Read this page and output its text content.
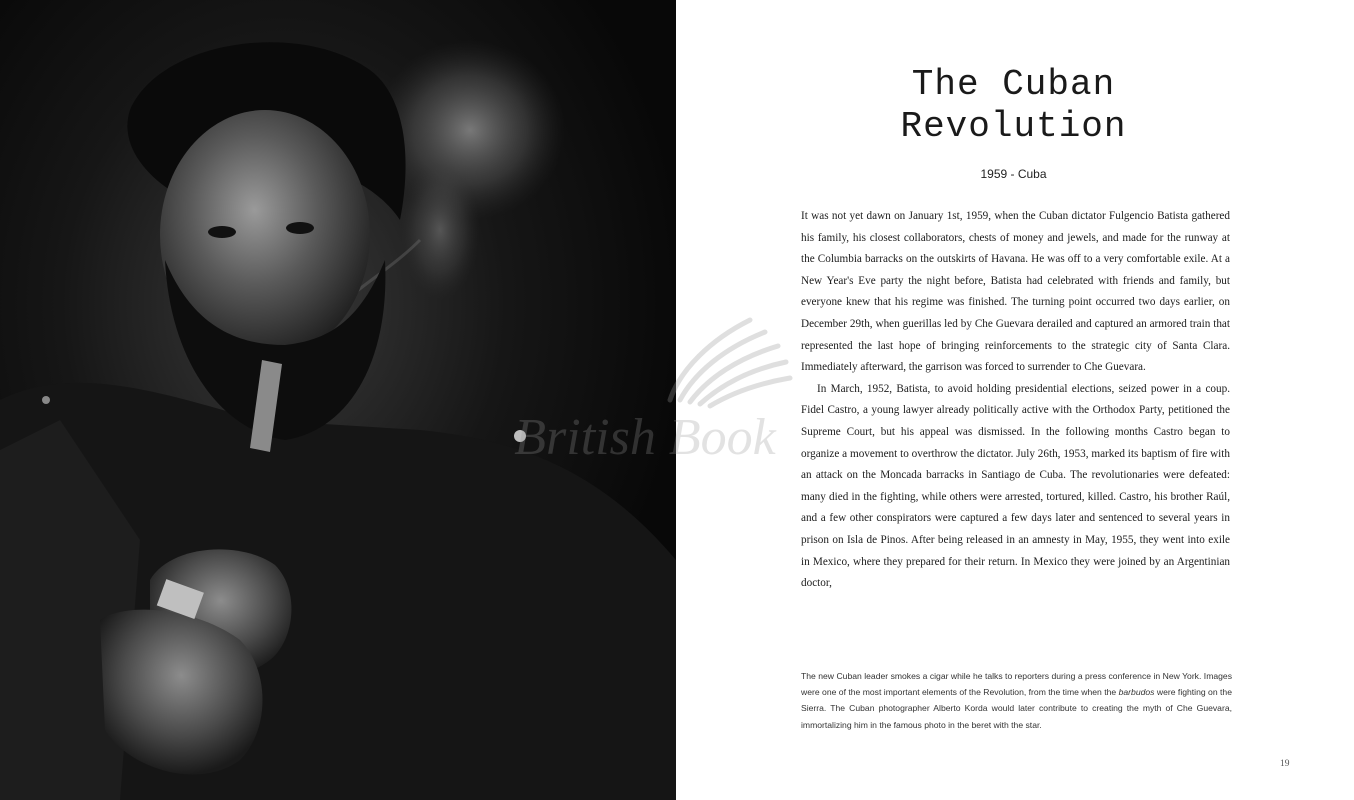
The Cuban
Revolution
1959 - Cuba

It was not yet dawn on January 1st, 1959, when the Cuban dictator Fulgencio Batista gathered his family, his closest collaborators, chests of money and jewels, and made for the runway at the Columbia barracks on the outskirts of Havana. He was off to a very comfortable exile. At a New Year's Eve party the night before, Batista had celebrated with friends and family, but everyone knew that his regime was finished. The turning point occurred two days earlier, on December 29th, when guerillas led by Che Guevara derailed and captured an armored train that represented the last hope of bringing reinforcements to the strategic city of Santa Clara. Immediately afterward, the garrison was forced to surrender to Che Guevara.

In March, 1952, Batista, to avoid holding presidential elections, seized power in a coup. Fidel Castro, a young lawyer already politically active with the Orthodox Party, petitioned the Supreme Court, but his appeal was dismissed. In the following months Castro began to organize a movement to overthrow the dictator. July 26th, 1953, marked its baptism of fire with an attack on the Moncada barracks in Santiago de Cuba. The revolutionaries were defeated: many died in the fighting, while others were arrested, tortured, killed. Castro, his brother Raúl, and a few other conspirators were captured a few days later and sentenced to several years in prison on Isla de Pinos. After being released in an amnesty in May, 1955, they went into exile in Mexico, where they prepared for their return. In Mexico they were joined by an Argentinian doctor,

The new Cuban leader smokes a cigar while he talks to reporters during a press conference in New York. Images were one of the most important elements of the Revolution, from the time when the barbudos were fighting on the Sierra. The Cuban photographer Alberto Korda would later contribute to creating the myth of Che Guevara, immortalizing him in the famous photo in the beret with the star.

19
British Book
